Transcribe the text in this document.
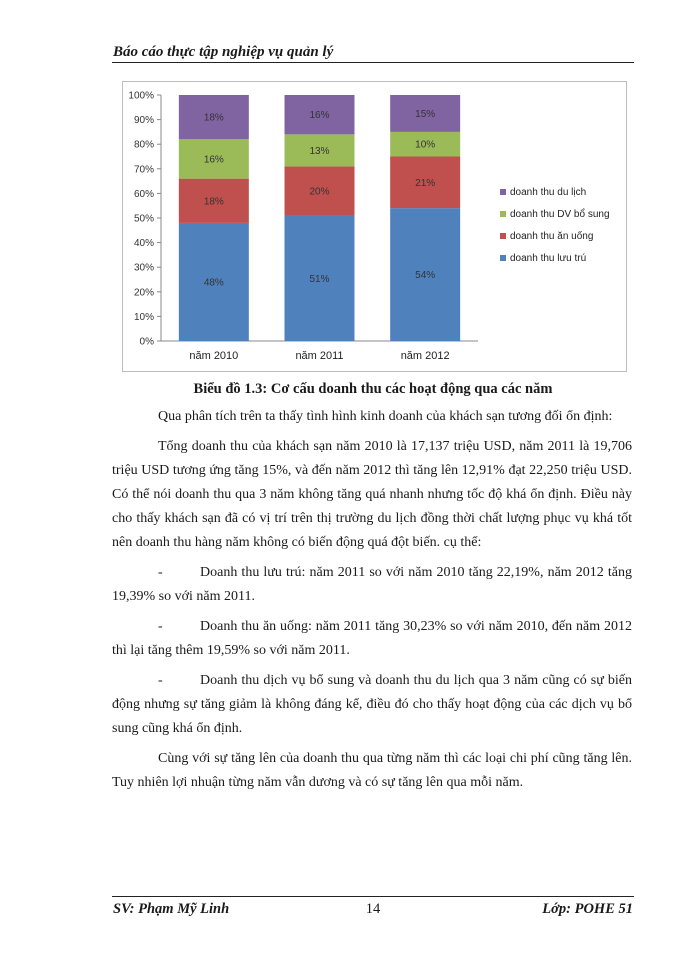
Báo cáo thực tập nghiệp vụ quản lý
0%
10%
20%
30%
40%
50%
60%
70%
80%
90%
100%
48%
18%
16%
18%
năm 2010
51%
20%
13%
16%
năm 2011
54%
21%
10%
15%
năm 2012
doanh thu du lịch
doanh thu DV bổ sung
doanh thu ăn uống
doanh thu lưu trú
Biểu đồ 1.3: Cơ cấu doanh thu các hoạt động qua các năm

Qua phân tích trên ta thấy tình hình kinh doanh của khách sạn tương đối ổn định:

Tổng doanh thu của khách sạn năm 2010 là 17,137 triệu USD, năm 2011 là 19,706 triệu USD tương ứng tăng 15%, và đến năm 2012 thì tăng lên 12,91% đạt 22,250 triệu USD. Có thể nói doanh thu qua 3 năm không tăng quá nhanh nhưng tốc độ khá ổn định. Điều này cho thấy khách sạn đã có vị trí trên thị trường du lịch đồng thời chất lượng phục vụ khá tốt nên doanh thu hàng năm không có biến động quá đột biến. cụ thể:

-	Doanh thu lưu trú: năm 2011 so với năm 2010 tăng 22,19%, năm 2012 tăng 19,39% so với năm 2011.

-	Doanh thu ăn uống: năm 2011 tăng 30,23% so với năm 2010, đến năm 2012 thì lại tăng thêm 19,59% so với năm 2011.

-	Doanh thu dịch vụ bổ sung và doanh thu du lịch qua 3 năm cũng có sự biến động nhưng sự tăng giảm là không đáng kể, điều đó cho thấy hoạt động của các dịch vụ bổ sung cũng khá ổn định.

Cùng với sự tăng lên của doanh thu qua từng năm thì các loại chi phí cũng tăng lên. Tuy nhiên lợi nhuận từng năm vẫn dương và có sự tăng lên qua mỗi năm.

SV: Phạm Mỹ Linh	14	Lớp: POHE 51
